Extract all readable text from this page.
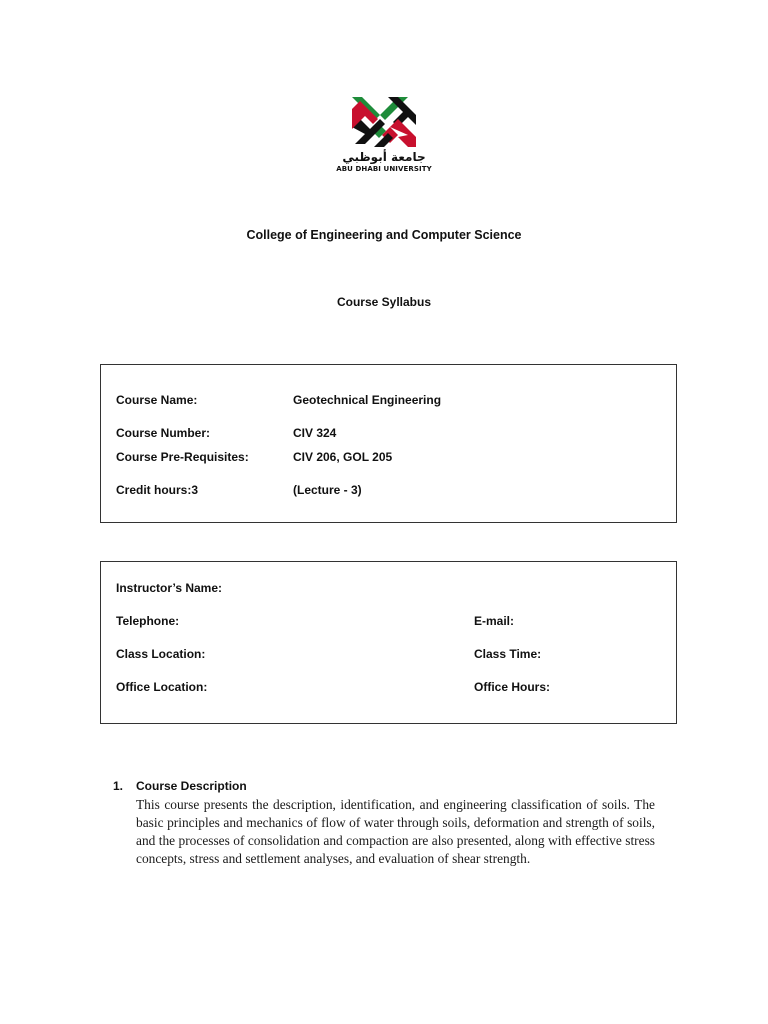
جامعة أبوظبي
ABU DHABI UNIVERSITY
College of Engineering and Computer Science
Course Syllabus
Course Name:	Geotechnical Engineering
Course Number:	CIV 324
Course Pre-Requisites:	CIV 206, GOL 205
Credit hours:3	(Lecture - 3)
Instructor’s Name:
Telephone:	E-mail:
Class Location:	Class Time:
Office Location:	Office Hours:
1. Course Description
This course presents the description, identification, and engineering classification of soils. The basic principles and mechanics of flow of water through soils, deformation and strength of soils, and the processes of consolidation and compaction are also presented, along with effective stress concepts, stress and settlement analyses, and evaluation of shear strength.
